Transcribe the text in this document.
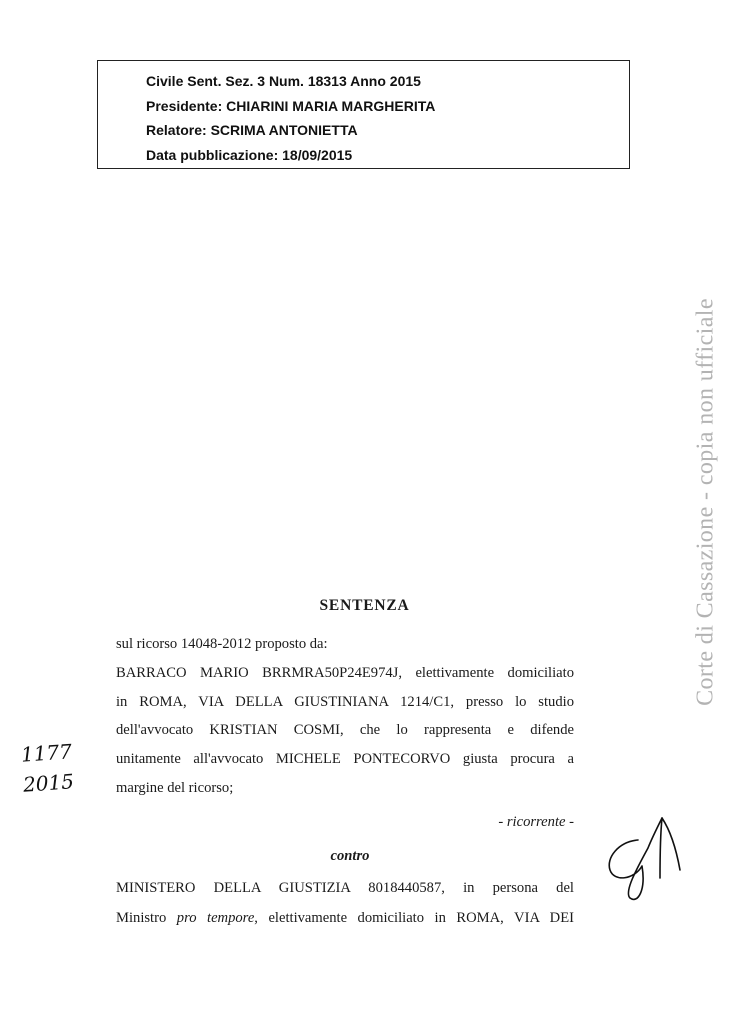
Civile Sent. Sez. 3 Num. 18313 Anno 2015
Presidente: CHIARINI MARIA MARGHERITA
Relatore: SCRIMA ANTONIETTA
Data pubblicazione: 18/09/2015
Corte di Cassazione - copia non ufficiale
SENTENZA
sul ricorso 14048-2012 proposto da:
BARRACO MARIO BRRMRA50P24E974J, elettivamente domiciliato
in ROMA, VIA DELLA GIUSTINIANA 1214/C1, presso lo studio
dell'avvocato KRISTIAN COSMI, che lo rappresenta e difende
unitamente all'avvocato MICHELE PONTECORVO giusta procura a
margine del ricorso;
- ricorrente -
contro
MINISTERO DELLA GIUSTIZIA 8018440587, in persona del
Ministro pro tempore, elettivamente domiciliato in ROMA, VIA DEI
1177
2015
